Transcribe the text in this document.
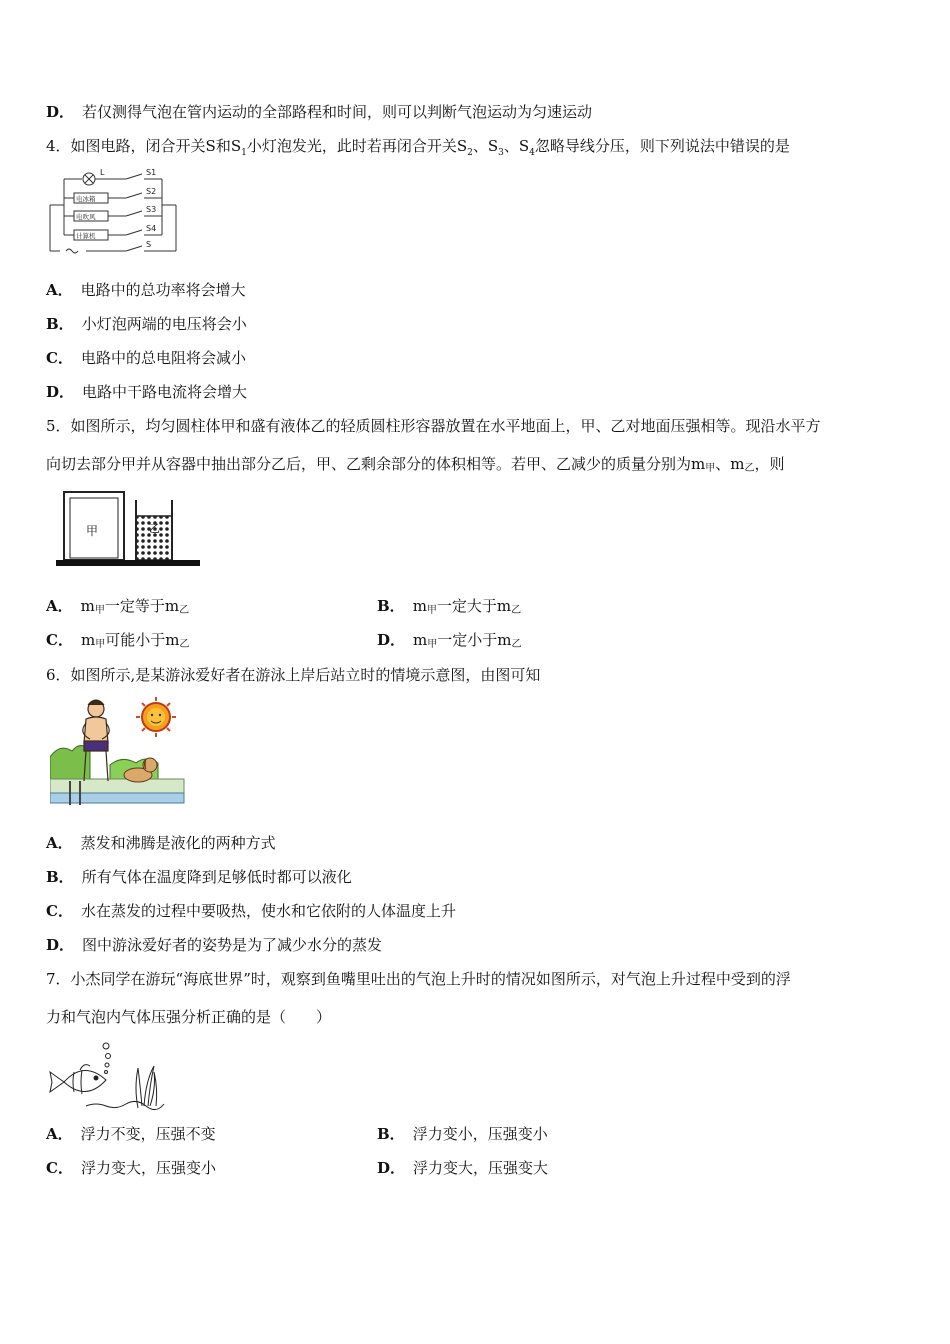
D． 若仅测得气泡在管内运动的全部路程和时间，则可以判断气泡运动为匀速运动
4．如图电路，闭合开关S和$S_1$小灯泡发光，此时若再闭合开关$S_2$、$S_3$、$S_4$忽略导线分压，则下列说法中错误的是
L	S1
S2
S3
S4
S
电冰箱
电吹风
计算机
A． 电路中的总功率将会增大
B． 小灯泡两端的电压将会小
C． 电路中的总电阻将会减小
D． 电路中干路电流将会增大
5．如图所示，均匀圆柱体甲和盛有液体乙的轻质圆柱形容器放置在水平地面上，甲、乙对地面压强相等。现沿水平方
向切去部分甲并从容器中抽出部分乙后，甲、乙剩余部分的体积相等。若甲、乙减少的质量分别为m甲、m乙，则
甲	乙
A． m甲一定等于m乙	B． m甲一定大于m乙
C． m甲可能小于m乙	D． m甲一定小于m乙
6．如图所示,是某游泳爱好者在游泳上岸后站立时的情境示意图，由图可知
A． 蒸发和沸腾是液化的两种方式
B． 所有气体在温度降到足够低时都可以液化
C． 水在蒸发的过程中要吸热，使水和它依附的人体温度上升
D． 图中游泳爱好者的姿势是为了减少水分的蒸发
7．小杰同学在游玩“海底世界”时，观察到鱼嘴里吐出的气泡上升时的情况如图所示，对气泡上升过程中受到的浮
力和气泡内气体压强分析正确的是（　　）
A． 浮力不变，压强不变	B． 浮力变小，压强变小
C． 浮力变大，压强变小	D． 浮力变大，压强变大
